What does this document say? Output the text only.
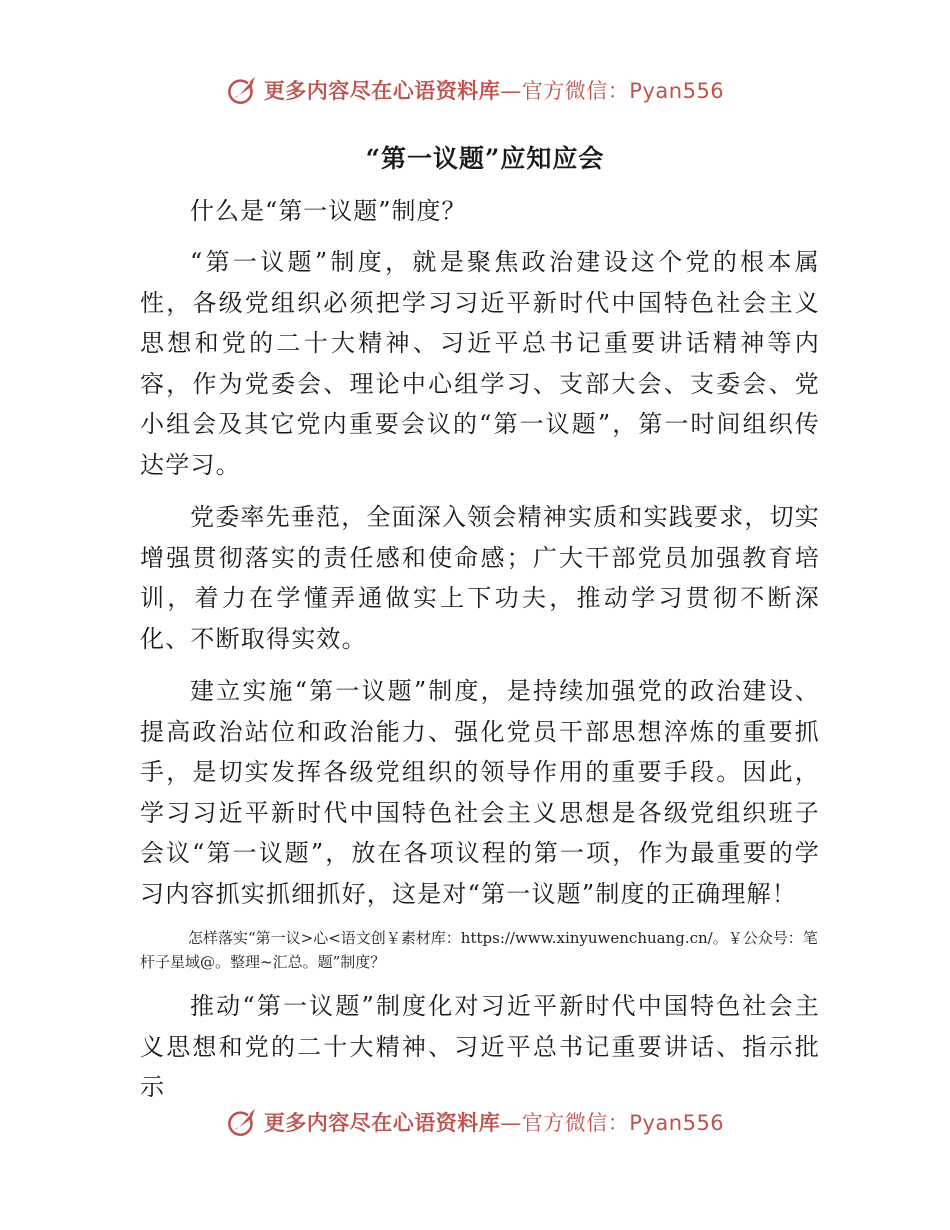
更多内容尽在心语资料库—官方微信：Pyan556
“第一议题”应知应会
什么是“第一议题”制度？

“第一议题”制度，就是聚焦政治建设这个党的根本属性，各级党组织必须把学习习近平新时代中国特色社会主义思想和党的二十大精神、习近平总书记重要讲话精神等内容，作为党委会、理论中心组学习、支部大会、支委会、党小组会及其它党内重要会议的“第一议题”，第一时间组织传达学习。

党委率先垂范，全面深入领会精神实质和实践要求，切实增强贯彻落实的责任感和使命感；广大干部党员加强教育培训，着力在学懂弄通做实上下功夫，推动学习贯彻不断深化、不断取得实效。

建立实施“第一议题”制度，是持续加强党的政治建设、提高政治站位和政治能力、强化党员干部思想淬炼的重要抓手，是切实发挥各级党组织的领导作用的重要手段。因此，学习习近平新时代中国特色社会主义思想是各级党组织班子会议“第一议题”，放在各项议程的第一项，作为最重要的学习内容抓实抓细抓好，这是对“第一议题”制度的正确理解！

怎样落实“第一议>心<语文创￥素材库：https://www.xinyuwenchuang.cn/。￥公众号：笔杆子星域@。整理~汇总。题”制度？

推动“第一议题”制度化对习近平新时代中国特色社会主义思想和党的二十大精神、习近平总书记重要讲话、指示批示

更多内容尽在心语资料库—官方微信：Pyan556
